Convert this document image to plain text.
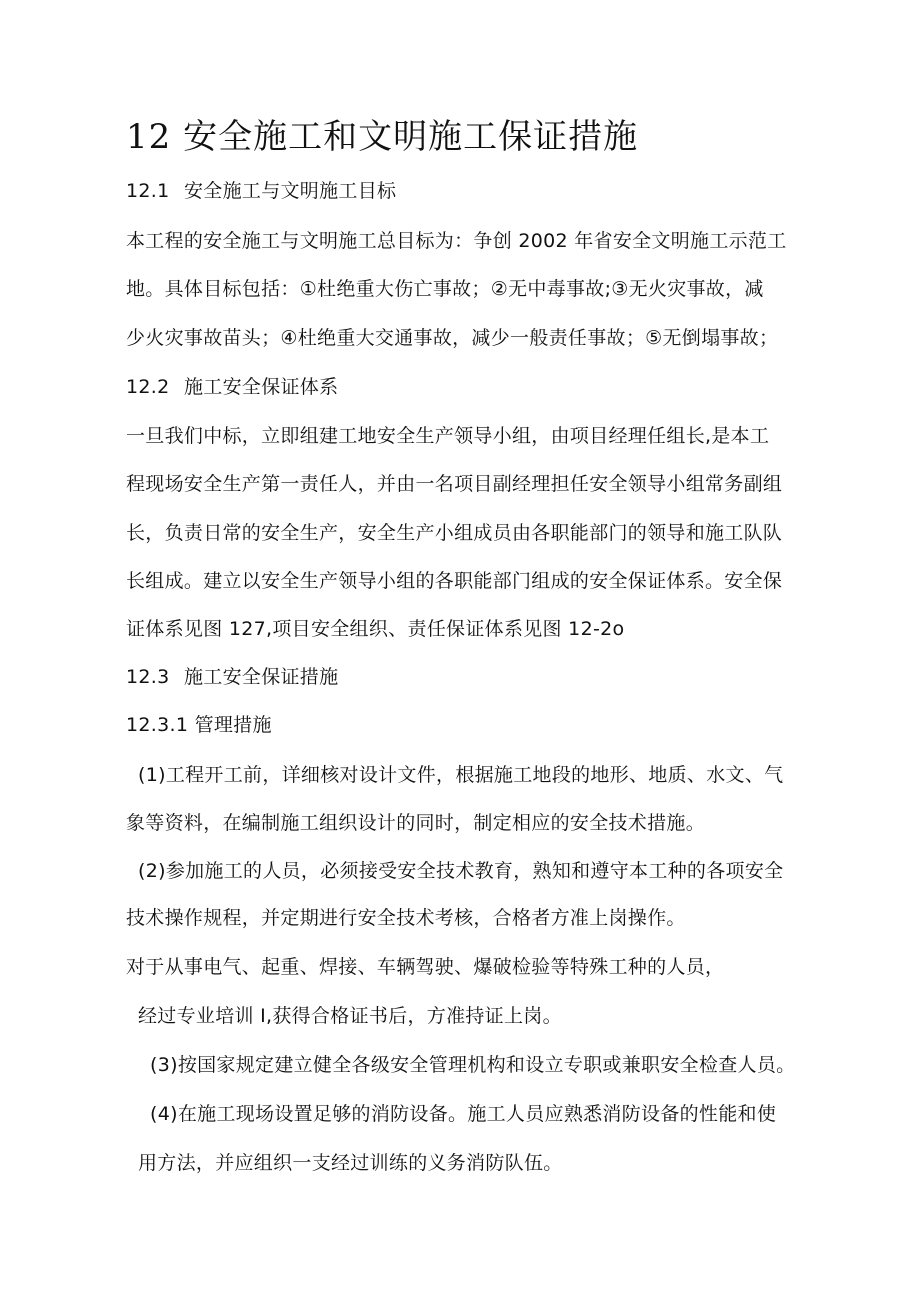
12 安全施工和文明施工保证措施
12.1 安全施工与文明施工目标
本工程的安全施工与文明施工总目标为：争创 2002 年省安全文明施工示范工
地。具体目标包括：①杜绝重大伤亡事故；②无中毒事故;③无火灾事故，减
少火灾事故苗头；④杜绝重大交通事故，减少一般责任事故；⑤无倒塌事故；
12.2 施工安全保证体系
一旦我们中标，立即组建工地安全生产领导小组，由项目经理任组长,是本工
程现场安全生产第一责任人，并由一名项目副经理担任安全领导小组常务副组
长，负责日常的安全生产，安全生产小组成员由各职能部门的领导和施工队队
长组成。建立以安全生产领导小组的各职能部门组成的安全保证体系。安全保
证体系见图 127,项目安全组织、责任保证体系见图 12-2o
12.3 施工安全保证措施
12.3.1 管理措施
(1)工程开工前，详细核对设计文件，根据施工地段的地形、地质、水文、气
象等资料，在编制施工组织设计的同时，制定相应的安全技术措施。
(2)参加施工的人员，必须接受安全技术教育，熟知和遵守本工种的各项安全
技术操作规程，并定期进行安全技术考核，合格者方准上岗操作。
对于从事电气、起重、焊接、车辆驾驶、爆破检验等特殊工种的人员，
经过专业培训 I,获得合格证书后，方准持证上岗。
(3)按国家规定建立健全各级安全管理机构和设立专职或兼职安全检查人员。
(4)在施工现场设置足够的消防设备。施工人员应熟悉消防设备的性能和使
用方法，并应组织一支经过训练的义务消防队伍。
